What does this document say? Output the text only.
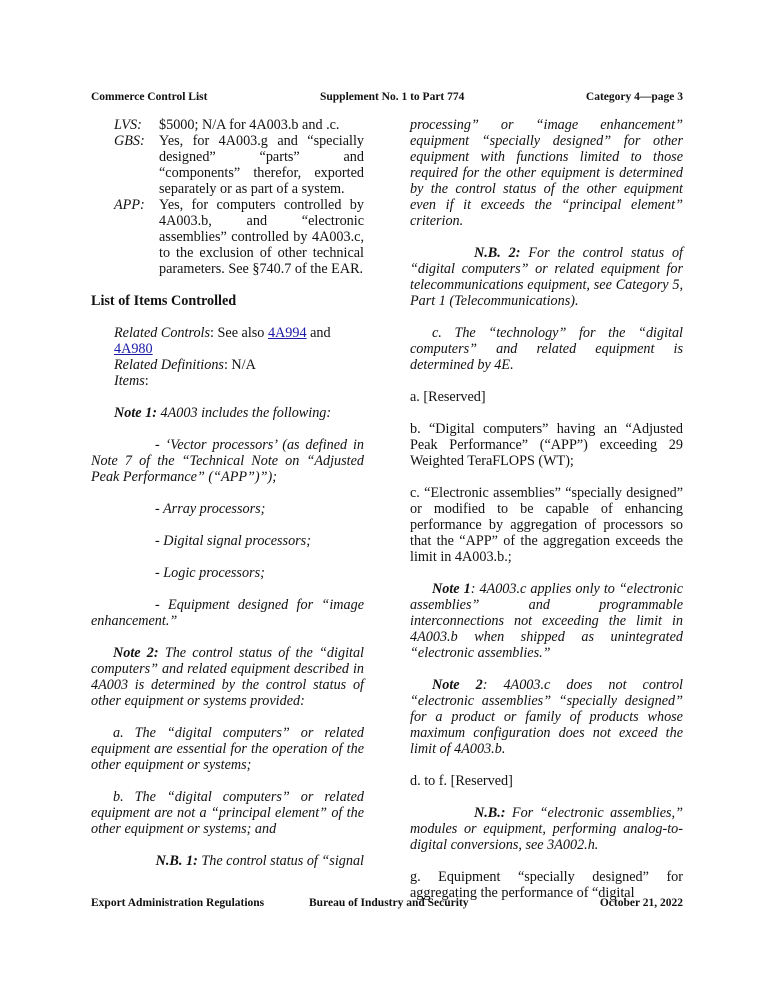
Commerce Control List	Supplement No. 1 to Part 774	Category 4—page 3
LVS:	$5000; N/A for 4A003.b and .c.
GBS:	Yes, for 4A003.g and “specially designed” “parts” and “components” therefor, exported separately or as part of a system.
APP:	Yes, for computers controlled by 4A003.b, and “electronic assemblies” controlled by 4A003.c, to the exclusion of other technical parameters. See §740.7 of the EAR.
List of Items Controlled
Related Controls: See also 4A994 and 4A980
Related Definitions: N/A
Items:
Note 1: 4A003 includes the following:
- ‘Vector processors’ (as defined in Note 7 of the “Technical Note on “Adjusted Peak Performance” (“APP”)”);
- Array processors;
- Digital signal processors;
- Logic processors;
- Equipment designed for “image enhancement.”
Note 2: The control status of the “digital computers” and related equipment described in 4A003 is determined by the control status of other equipment or systems provided:
a. The “digital computers” or related equipment are essential for the operation of the other equipment or systems;
b. The “digital computers” or related equipment are not a “principal element” of the other equipment or systems; and
N.B. 1: The control status of “signal
processing” or “image enhancement” equipment “specially designed” for other equipment with functions limited to those required for the other equipment is determined by the control status of the other equipment even if it exceeds the “principal element” criterion.
N.B. 2: For the control status of “digital computers” or related equipment for telecommunications equipment, see Category 5, Part 1 (Telecommunications).
c. The “technology” for the “digital computers” and related equipment is determined by 4E.
a. [Reserved]
b. “Digital computers” having an “Adjusted Peak Performance” (“APP”) exceeding 29 Weighted TeraFLOPS (WT);
c. “Electronic assemblies” “specially designed” or modified to be capable of enhancing performance by aggregation of processors so that the “APP” of the aggregation exceeds the limit in 4A003.b.;
Note 1: 4A003.c applies only to “electronic assemblies” and programmable interconnections not exceeding the limit in 4A003.b when shipped as unintegrated “electronic assemblies.”
Note 2: 4A003.c does not control “electronic assemblies” “specially designed” for a product or family of products whose maximum configuration does not exceed the limit of 4A003.b.
d. to f. [Reserved]
N.B.: For “electronic assemblies,” modules or equipment, performing analog-to-digital conversions, see 3A002.h.
g. Equipment “specially designed” for aggregating the performance of “digital
Export Administration Regulations	Bureau of Industry and Security	October 21, 2022
